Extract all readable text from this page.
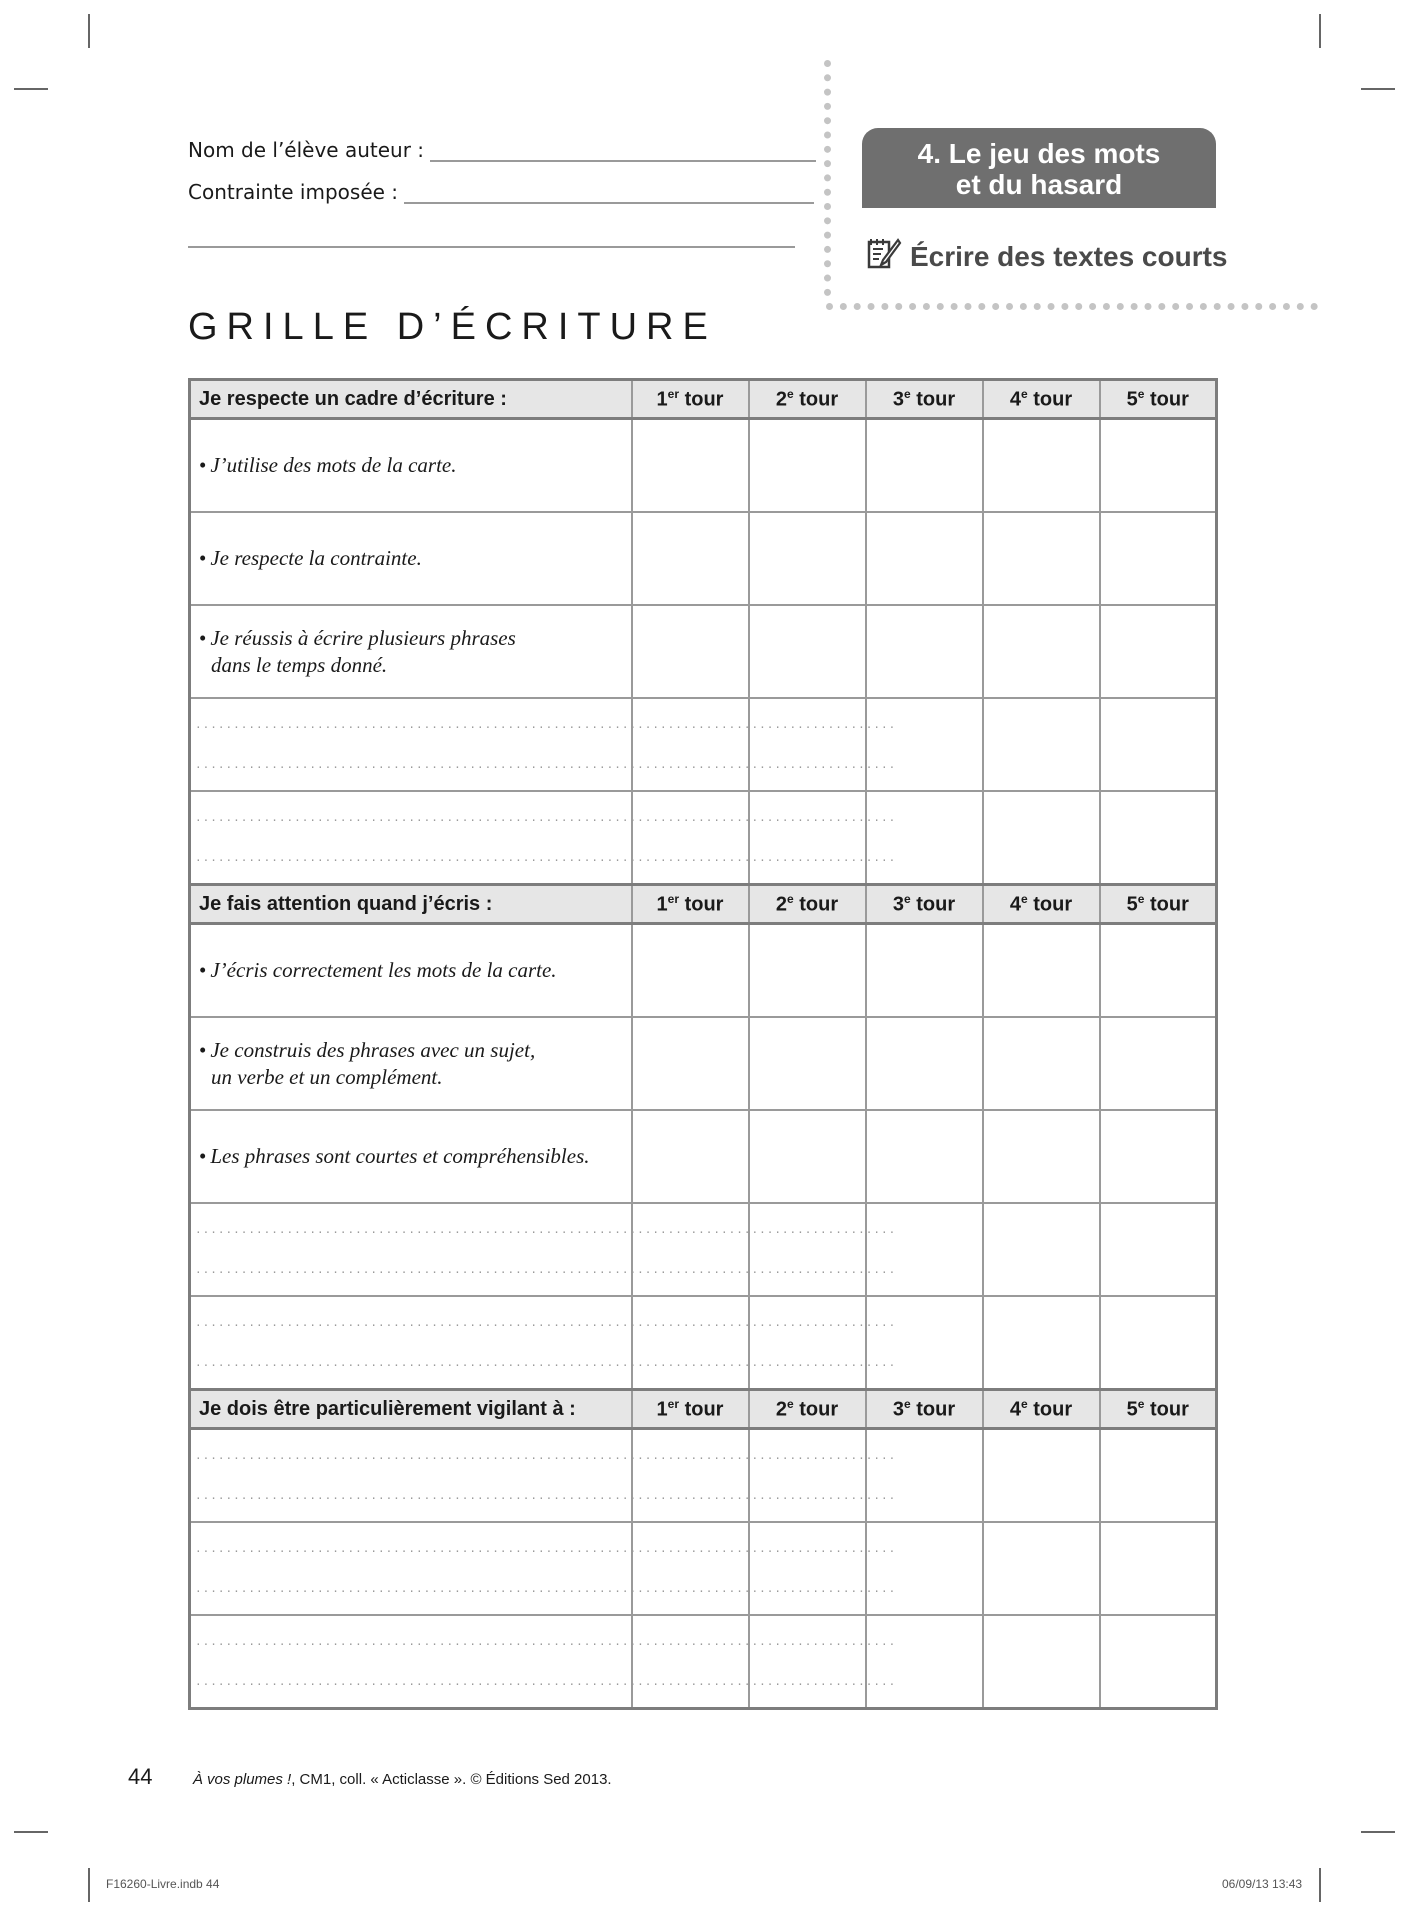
Nom de l’élève auteur :
Contrainte imposée :
4. Le jeu des mots
et du hasard
Écrire des textes courts
GRILLE D’ÉCRITURE
Je respecte un cadre d’écriture :	1er tour	2e tour	3e tour	4e tour	5e tour

• J’utilise des mots de la carte.					

• Je respecte la contrainte.					

• Je réussis à écrire plusieurs phrases
dans le temps donné.					

............................................................................................
............................................................................................					

............................................................................................
............................................................................................					

Je fais attention quand j’écris :	1er tour	2e tour	3e tour	4e tour	5e tour

• J’écris correctement les mots de la carte.					

• Je construis des phrases avec un sujet,
un verbe et un complément.					

• Les phrases sont courtes et compréhensibles.					

............................................................................................
............................................................................................					

............................................................................................
............................................................................................					

Je dois être particulièrement vigilant à :	1er tour	2e tour	3e tour	4e tour	5e tour

............................................................................................
............................................................................................					

............................................................................................
............................................................................................					

............................................................................................
............................................................................................					

44	À vos plumes !, CM1, coll. « Acticlasse ». © Éditions Sed 2013.
F16260-Livre.indb 44	06/09/13 13:43
